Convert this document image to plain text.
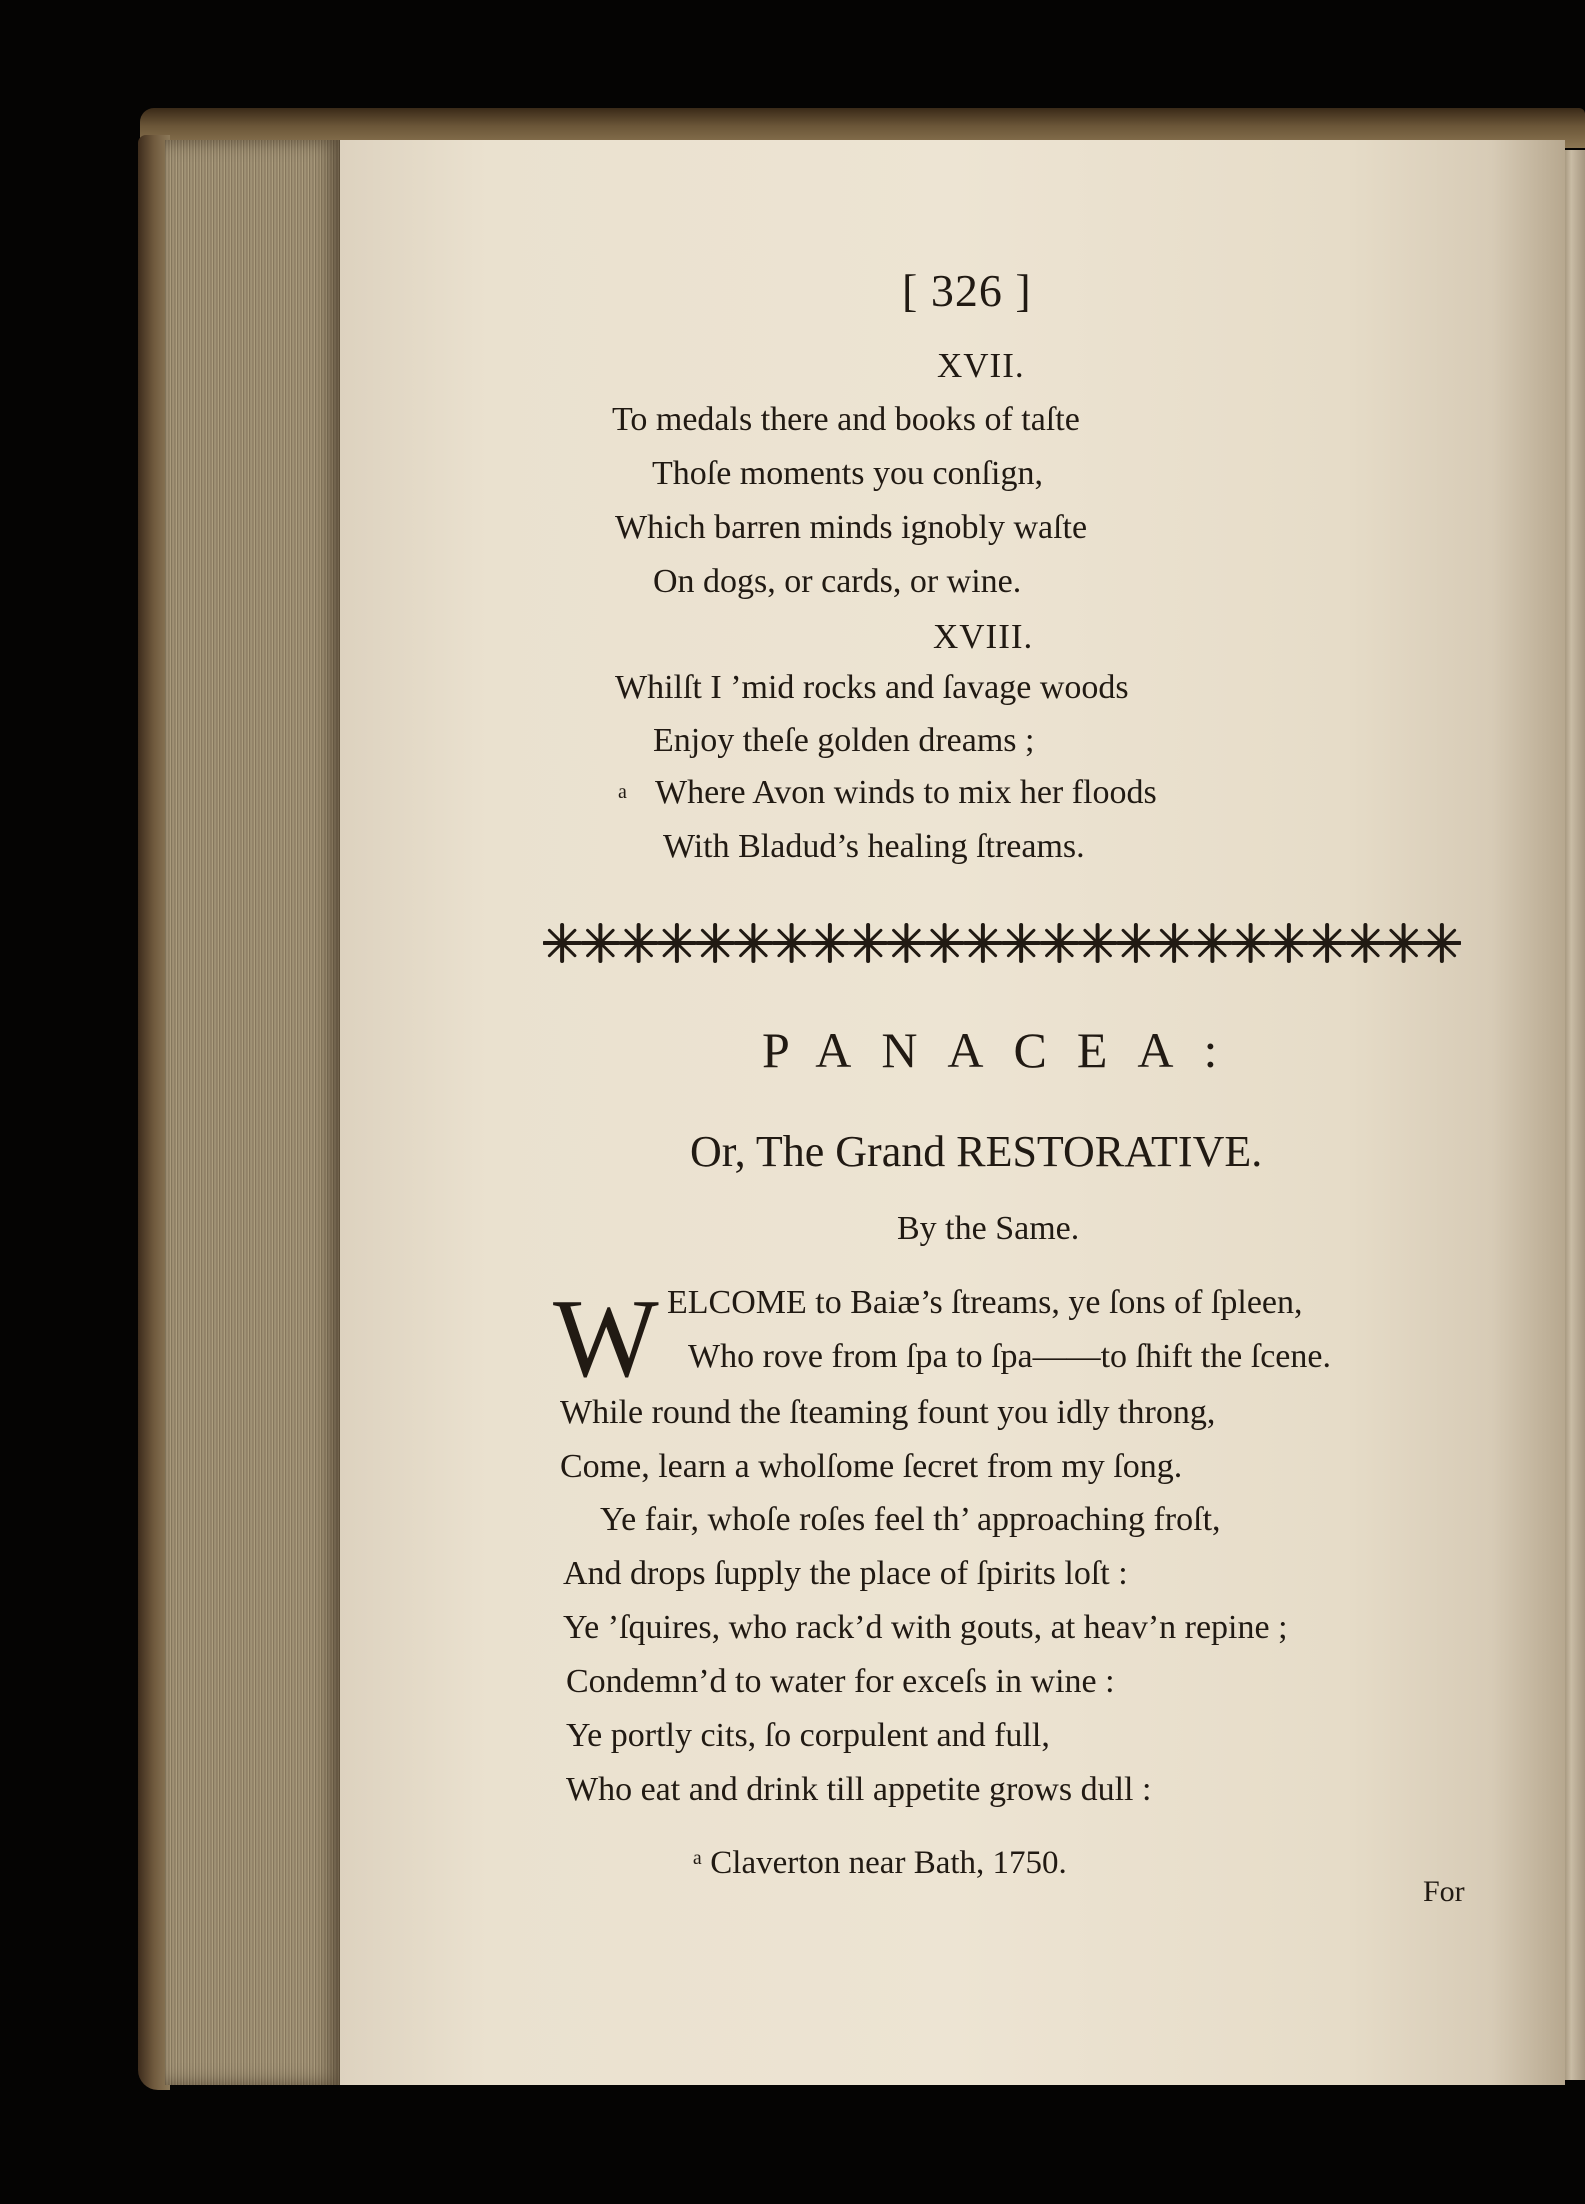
[ 326 ]
XVII.
To medals there and books of taſte
Thoſe moments you conſign,
Which barren minds ignobly waſte
On dogs, or cards, or wine.
XVIII.
Whilſt I ’mid rocks and ſavage woods
Enjoy theſe golden dreams ;
a Where Avon winds to mix her floods
With Bladud’s healing ſtreams.
PANACEA:
Or, The Grand RESTORATIVE.
By the Same.
W ELCOME to Baiæ’s ſtreams, ye ſons of ſpleen,
Who rove from ſpa to ſpa——to ſhift the ſcene.
While round the ſteaming fount you idly throng,
Come, learn a wholſome ſecret from my ſong.
Ye fair, whoſe roſes feel th’ approaching froſt,
And drops ſupply the place of ſpirits loſt :
Ye ’ſquires, who rack’d with gouts, at heav’n repine ;
Condemn’d to water for exceſs in wine :
Ye portly cits, ſo corpulent and full,
Who eat and drink till appetite grows dull :
ᵃ Claverton near Bath, 1750.
For
